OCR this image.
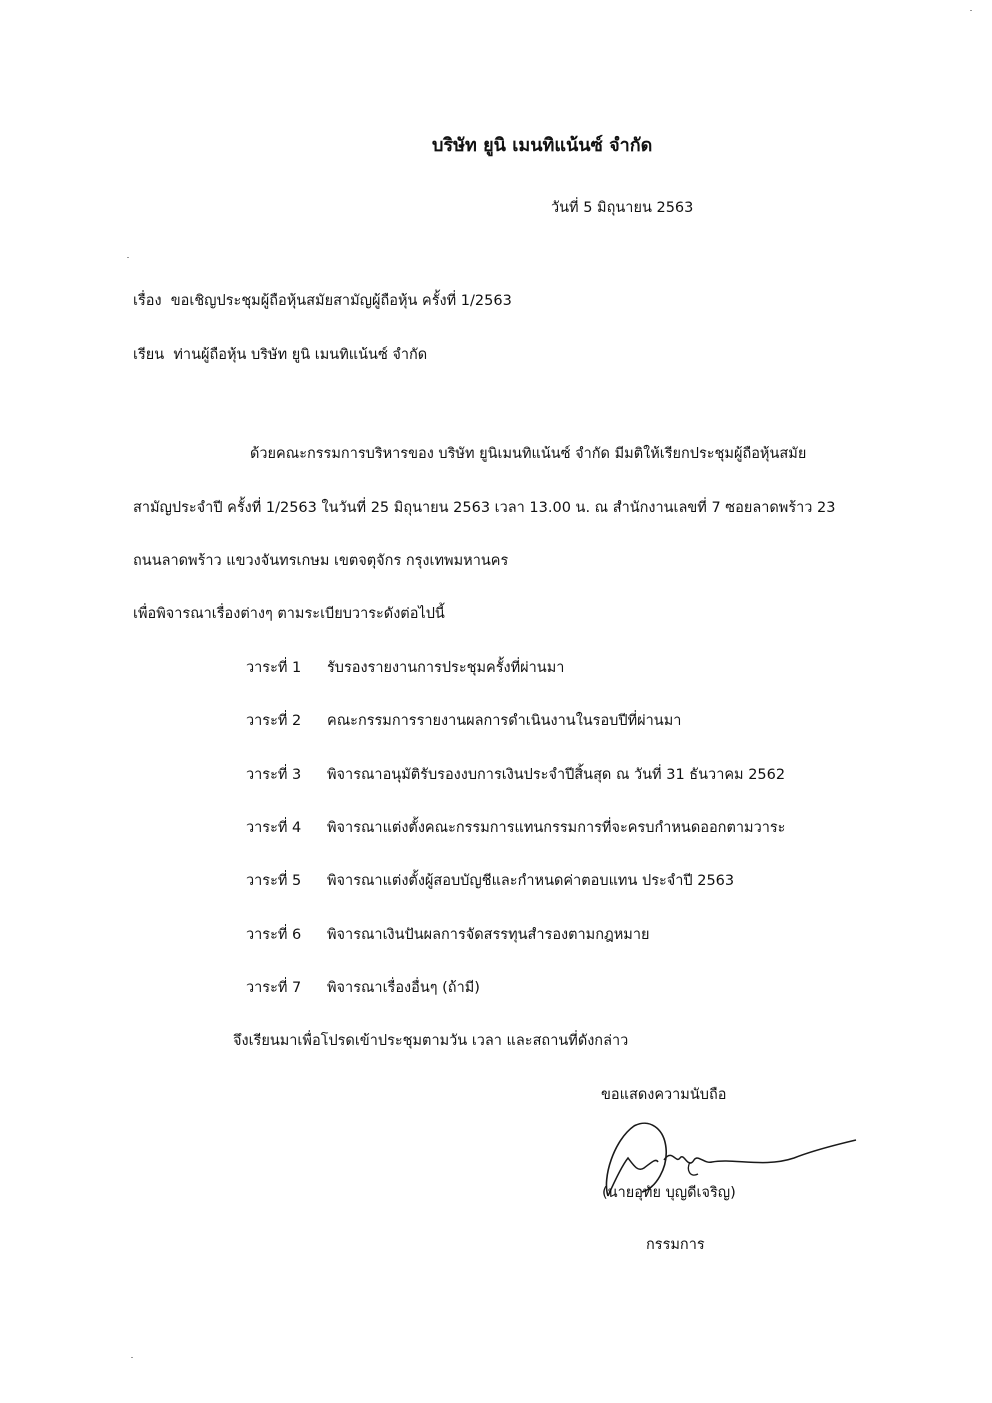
บริษัท ยูนิ เมนทิแน้นซ์ จำกัด
วันที่ 5 มิถุนายน 2563
เรื่อง ขอเชิญประชุมผู้ถือหุ้นสมัยสามัญผู้ถือหุ้น ครั้งที่ 1/2563
เรียน ท่านผู้ถือหุ้น บริษัท ยูนิ เมนทิแน้นซ์ จำกัด
ด้วยคณะกรรมการบริหารของ บริษัท ยูนิเมนทิแน้นซ์ จำกัด มีมติให้เรียกประชุมผู้ถือหุ้นสมัย
สามัญประจำปี ครั้งที่ 1/2563 ในวันที่ 25 มิถุนายน 2563 เวลา 13.00 น. ณ สำนักงานเลขที่ 7 ซอยลาดพร้าว 23
ถนนลาดพร้าว แขวงจันทรเกษม เขตจตุจักร กรุงเทพมหานคร
เพื่อพิจารณาเรื่องต่างๆ ตามระเบียบวาระดังต่อไปนี้
วาระที่ 1 รับรองรายงานการประชุมครั้งที่ผ่านมา
วาระที่ 2 คณะกรรมการรายงานผลการดำเนินงานในรอบปีที่ผ่านมา
วาระที่ 3 พิจารณาอนุมัติรับรองงบการเงินประจำปีสิ้นสุด ณ วันที่ 31 ธันวาคม 2562
วาระที่ 4 พิจารณาแต่งตั้งคณะกรรมการแทนกรรมการที่จะครบกำหนดออกตามวาระ
วาระที่ 5 พิจารณาแต่งตั้งผู้สอบบัญชีและกำหนดค่าตอบแทน ประจำปี 2563
วาระที่ 6 พิจารณาเงินปันผลการจัดสรรทุนสำรองตามกฎหมาย
วาระที่ 7 พิจารณาเรื่องอื่นๆ (ถ้ามี)
จึงเรียนมาเพื่อโปรดเข้าประชุมตามวัน เวลา และสถานที่ดังกล่าว
ขอแสดงความนับถือ
(นายอุทัย บุญดีเจริญ)
กรรมการ
